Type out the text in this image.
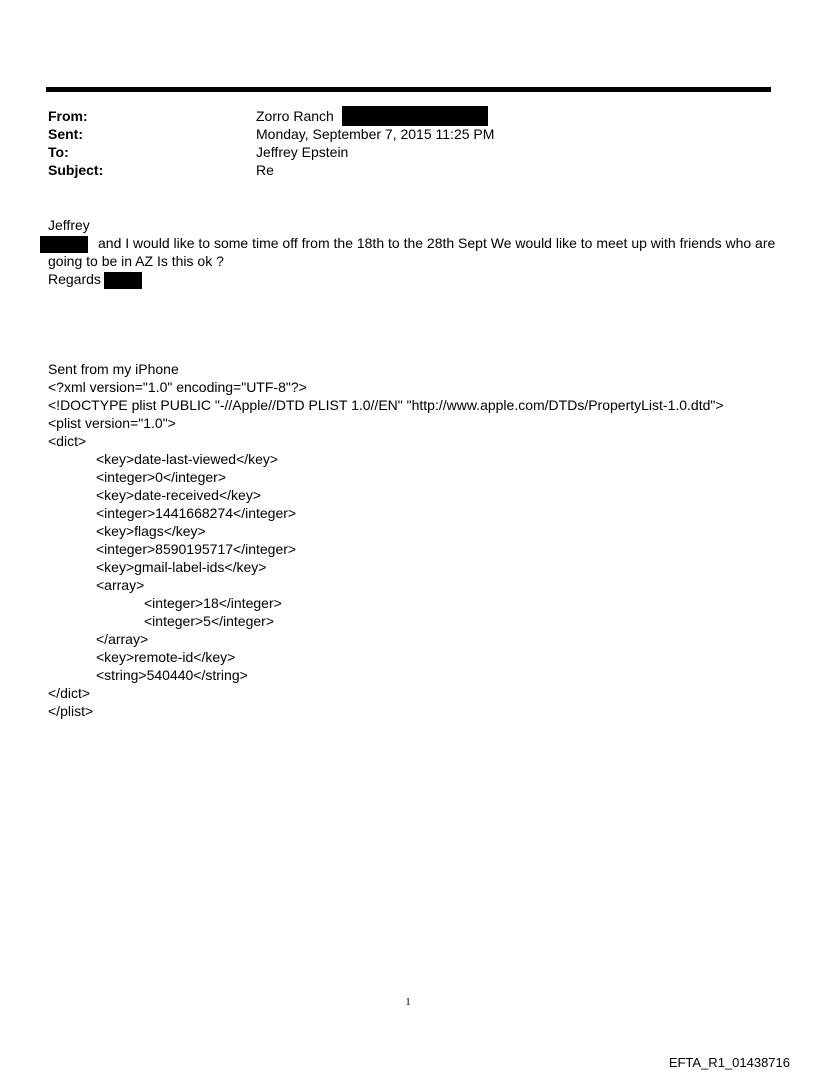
From:	Zorro Ranch
Sent:	Monday, September 7, 2015 11:25 PM
To:	Jeffrey Epstein
Subject:	Re
Jeffrey
and I would like to some time off from the 18th to the 28th Sept We would like to meet up with friends who are
going to be in AZ Is this ok ?
Regards
Sent from my iPhone
<?xml version="1.0" encoding="UTF-8"?>
<!DOCTYPE plist PUBLIC "-//Apple//DTD PLIST 1.0//EN" "http://www.apple.com/DTDs/PropertyList-1.0.dtd">
<plist version="1.0">
<dict>
<key>date-last-viewed</key>
<integer>0</integer>
<key>date-received</key>
<integer>1441668274</integer>
<key>flags</key>
<integer>8590195717</integer>
<key>gmail-label-ids</key>
<array>
<integer>18</integer>
<integer>5</integer>
</array>
<key>remote-id</key>
<string>540440</string>
</dict>
</plist>
1
EFTA_R1_01438716
